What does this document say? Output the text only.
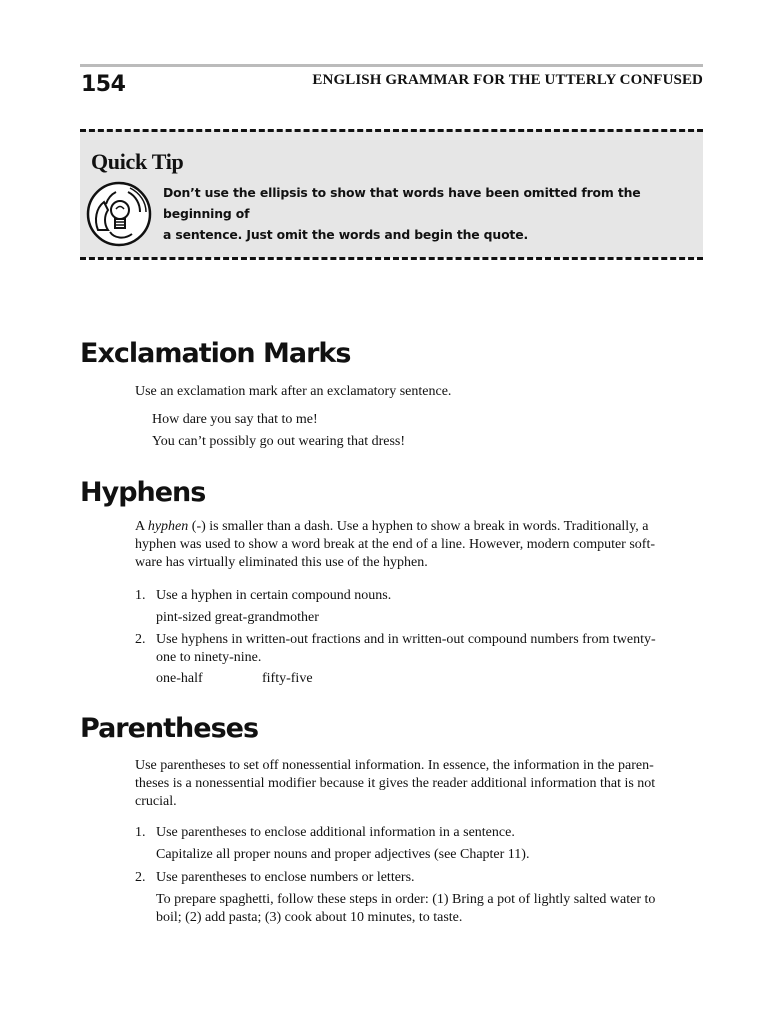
154	ENGLISH GRAMMAR FOR THE UTTERLY CONFUSED
Quick Tip
Don’t use the ellipsis to show that words have been omitted from the beginning of
a sentence. Just omit the words and begin the quote.
Exclamation Marks
Use an exclamation mark after an exclamatory sentence.
How dare you say that to me!
You can’t possibly go out wearing that dress!
Hyphens
A hyphen (-) is smaller than a dash. Use a hyphen to show a break in words. Traditionally, a
hyphen was used to show a word break at the end of a line. However, modern computer soft-
ware has virtually eliminated this use of the hyphen.
1. Use a hyphen in certain compound nouns.
pint-sized great-grandmother
2. Use hyphens in written-out fractions and in written-out compound numbers from twenty-
one to ninety-nine.
one-half	fifty-five
Parentheses
Use parentheses to set off nonessential information. In essence, the information in the paren-
theses is a nonessential modifier because it gives the reader additional information that is not
crucial.
1. Use parentheses to enclose additional information in a sentence.
Capitalize all proper nouns and proper adjectives (see Chapter 11).
2. Use parentheses to enclose numbers or letters.
To prepare spaghetti, follow these steps in order: (1) Bring a pot of lightly salted water to
boil; (2) add pasta; (3) cook about 10 minutes, to taste.
